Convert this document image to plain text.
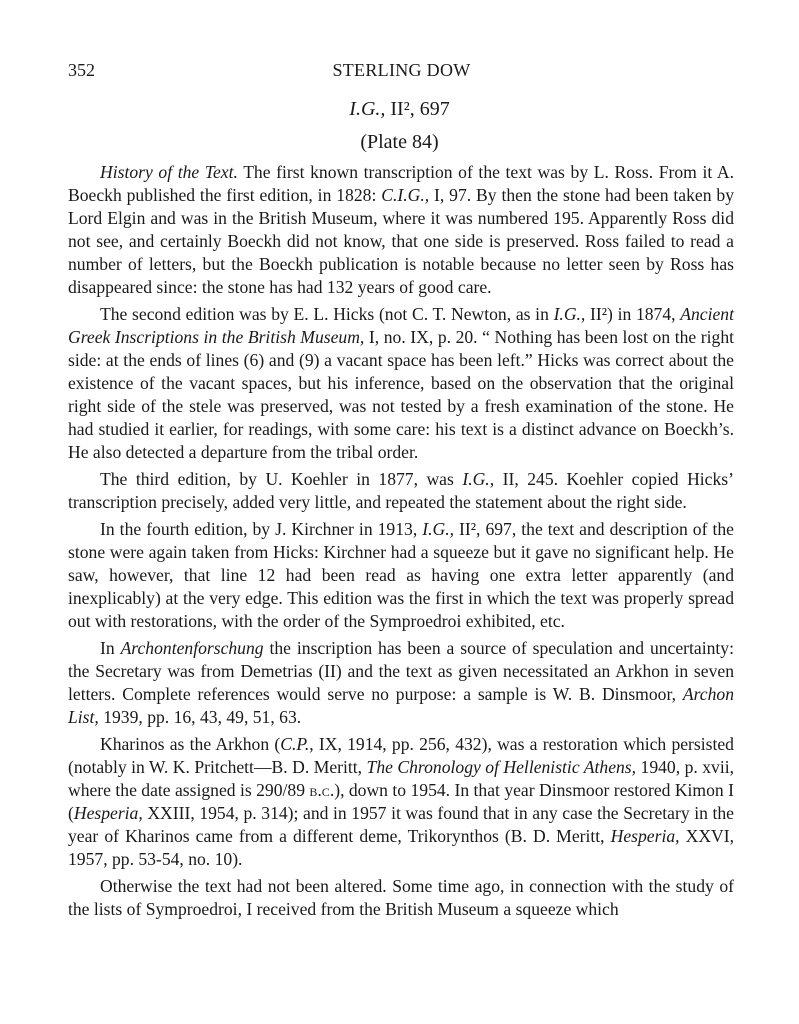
352	STERLING DOW
I.G., II², 697
(Plate 84)

History of the Text. The first known transcription of the text was by L. Ross. From it A. Boeckh published the first edition, in 1828: C.I.G., I, 97. By then the stone had been taken by Lord Elgin and was in the British Museum, where it was numbered 195. Apparently Ross did not see, and certainly Boeckh did not know, that one side is preserved. Ross failed to read a number of letters, but the Boeckh publication is notable because no letter seen by Ross has disappeared since: the stone has had 132 years of good care.

The second edition was by E. L. Hicks (not C. T. Newton, as in I.G., II²) in 1874, Ancient Greek Inscriptions in the British Museum, I, no. IX, p. 20. “ Nothing has been lost on the right side: at the ends of lines (6) and (9) a vacant space has been left.” Hicks was correct about the existence of the vacant spaces, but his inference, based on the observation that the original right side of the stele was preserved, was not tested by a fresh examination of the stone. He had studied it earlier, for readings, with some care: his text is a distinct advance on Boeckh’s. He also detected a departure from the tribal order.

The third edition, by U. Koehler in 1877, was I.G., II, 245. Koehler copied Hicks’ transcription precisely, added very little, and repeated the statement about the right side.

In the fourth edition, by J. Kirchner in 1913, I.G., II², 697, the text and description of the stone were again taken from Hicks: Kirchner had a squeeze but it gave no significant help. He saw, however, that line 12 had been read as having one extra letter apparently (and inexplicably) at the very edge. This edition was the first in which the text was properly spread out with restorations, with the order of the Symproedroi exhibited, etc.

In Archontenforschung the inscription has been a source of speculation and uncertainty: the Secretary was from Demetrias (II) and the text as given necessitated an Arkhon in seven letters. Complete references would serve no purpose: a sample is W. B. Dinsmoor, Archon List, 1939, pp. 16, 43, 49, 51, 63.

Kharinos as the Arkhon (C.P., IX, 1914, pp. 256, 432), was a restoration which persisted (notably in W. K. Pritchett—B. D. Meritt, The Chronology of Hellenistic Athens, 1940, p. xvii, where the date assigned is 290/89 b.c.), down to 1954. In that year Dinsmoor restored Kimon I (Hesperia, XXIII, 1954, p. 314); and in 1957 it was found that in any case the Secretary in the year of Kharinos came from a different deme, Trikorynthos (B. D. Meritt, Hesperia, XXVI, 1957, pp. 53-54, no. 10).

Otherwise the text had not been altered. Some time ago, in connection with the study of the lists of Symproedroi, I received from the British Museum a squeeze which
